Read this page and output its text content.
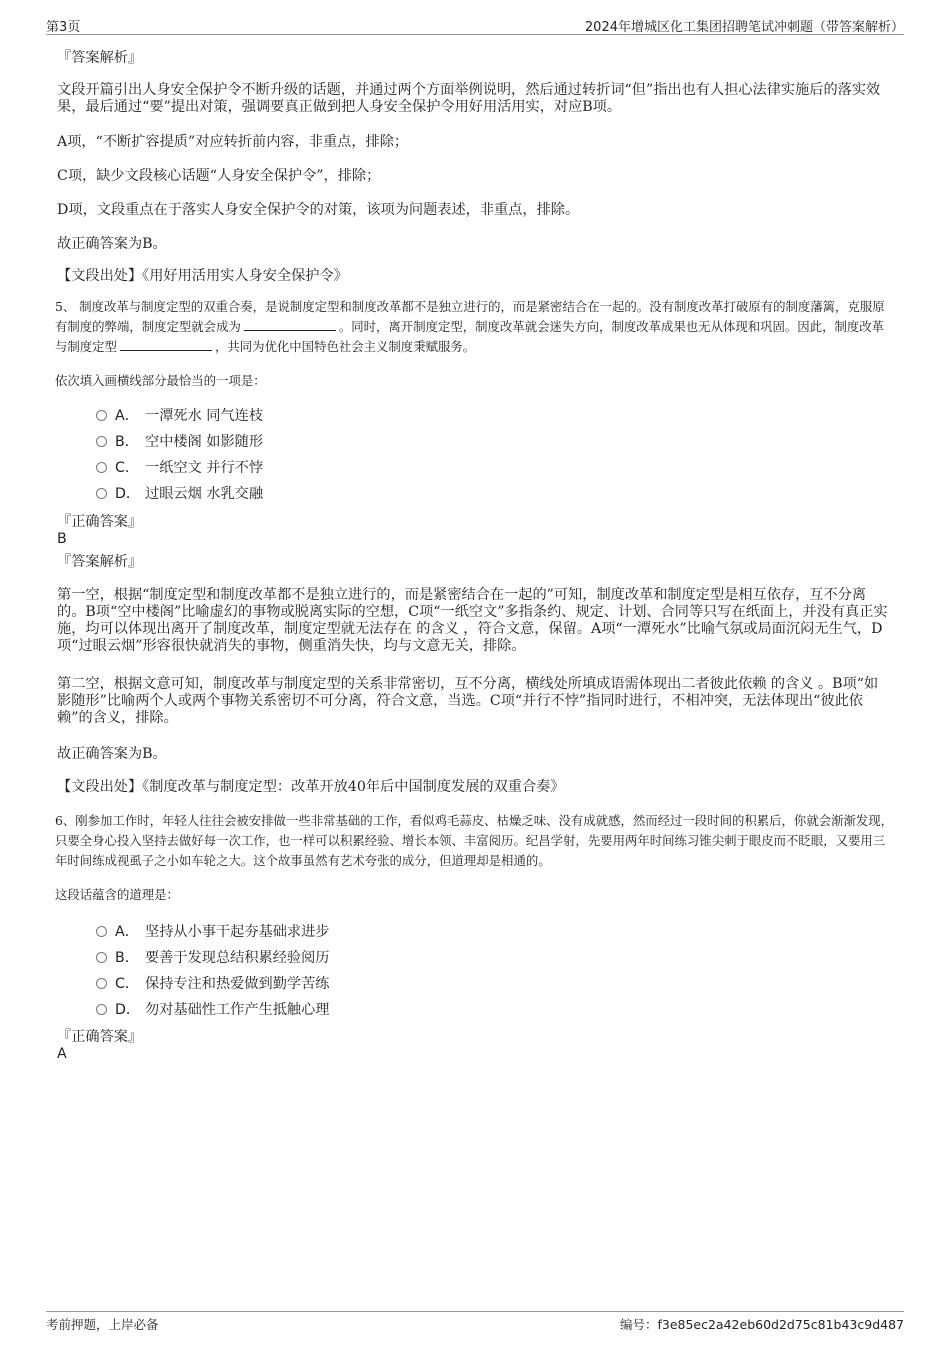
第3页	2024年增城区化工集团招聘笔试冲刺题（带答案解析）

『答案解析』

文段开篇引出人身安全保护令不断升级的话题，并通过两个方面举例说明，然后通过转折词“但”指出也有人担心法律实施后的落实效果，最后通过“要”提出对策，强调要真正做到把人身安全保护令用好用活用实，对应B项。

A项，“不断扩容提质”对应转折前内容，非重点，排除；

C项，缺少文段核心话题“人身安全保护令”，排除；

D项，文段重点在于落实人身安全保护令的对策，该项为问题表述，非重点，排除。

故正确答案为B。

【文段出处】《用好用活用实人身安全保护令》

5、 制度改革与制度定型的双重合奏，是说制度定型和制度改革都不是独立进行的，而是紧密结合在一起的。没有制度改革打破原有的制度藩篱，克服原有制度的弊端，制度定型就会成为	。同时，离开制度定型，制度改革就会迷失方向，制度改革成果也无从体现和巩固。因此，制度改革与制度定型	，共同为优化中国特色社会主义制度秉赋服务。

依次填入画横线部分最恰当的一项是：

A． 一潭死水 同气连枝
B． 空中楼阁 如影随形
C． 一纸空文 并行不悖
D． 过眼云烟 水乳交融

『正确答案』

B

『答案解析』

第一空，根据“制度定型和制度改革都不是独立进行的，而是紧密结合在一起的”可知，制度改革和制度定型是相互依存，互不分离的。B项“空中楼阁”比喻虚幻的事物或脱离实际的空想，C项“一纸空文”多指条约、规定、计划、合同等只写在纸面上，并没有真正实施，均可以体现出离开了制度改革，制度定型就无法存在 的含义 ，符合文意，保留。A项“一潭死水”比喻气氛或局面沉闷无生气，D项“过眼云烟”形容很快就消失的事物，侧重消失快，均与文意无关，排除。

第二空，根据文意可知，制度改革与制度定型的关系非常密切，互不分离，横线处所填成语需体现出二者彼此依赖 的含义 。B项“如影随形”比喻两个人或两个事物关系密切不可分离，符合文意，当选。C项“并行不悖”指同时进行，不相冲突，无法体现出“彼此依赖”的含义，排除。

故正确答案为B。

【文段出处】《制度改革与制度定型：改革开放40年后中国制度发展的双重合奏》

6、刚参加工作时，年轻人往往会被安排做一些非常基础的工作，看似鸡毛蒜皮、枯燥乏味、没有成就感，然而经过一段时间的积累后，你就会渐渐发现，只要全身心投入坚持去做好每一次工作，也一样可以积累经验、增长本领、丰富阅历。纪昌学射，先要用两年时间练习锥尖刺于眼皮而不眨眼，又要用三年时间练成视虱子之小如车轮之大。这个故事虽然有艺术夸张的成分，但道理却是相通的。

这段话蕴含的道理是：

A． 坚持从小事干起夯基础求进步
B． 要善于发现总结积累经验阅历
C． 保持专注和热爱做到勤学苦练
D． 勿对基础性工作产生抵触心理

『正确答案』

A

考前押题，上岸必备	编号：f3e85ec2a42eb60d2d75c81b43c9d487
